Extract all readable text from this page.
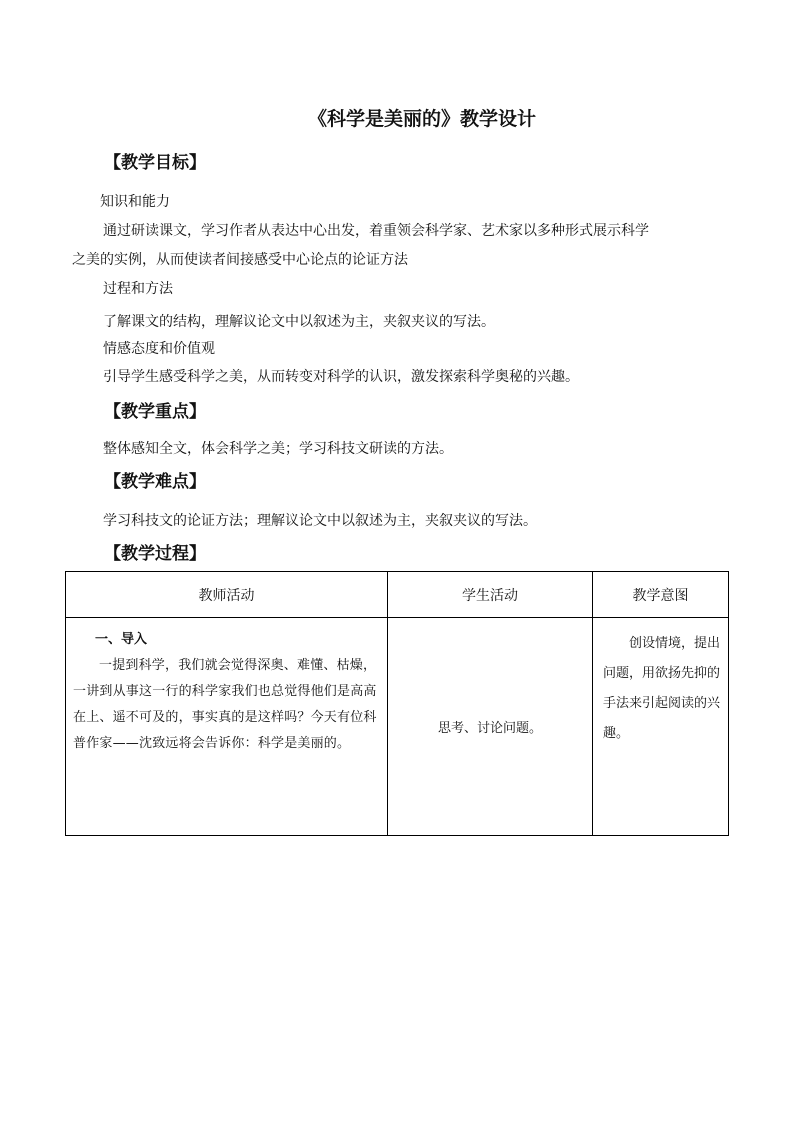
《科学是美丽的》教学设计
【教学目标】
知识和能力
通过研读课文，学习作者从表达中心出发，着重领会科学家、艺术家以多种形式展示科学
之美的实例，从而使读者间接感受中心论点的论证方法
过程和方法
了解课文的结构，理解议论文中以叙述为主，夹叙夹议的写法。
情感态度和价值观
引导学生感受科学之美，从而转变对科学的认识，激发探索科学奥秘的兴趣。
【教学重点】
整体感知全文，体会科学之美；学习科技文研读的方法。
【教学难点】
学习科技文的论证方法；理解议论文中以叙述为主，夹叙夹议的写法。
【教学过程】
教师活动	学生活动	教学意图

一、导入
一提到科学，我们就会觉得深奥、难懂、枯燥，一讲到从事这一行的科学家我们也总觉得他们是高高在上、遥不可及的，事实真的是这样吗？今天有位科普作家——沈致远将会告诉你：科学是美丽的。	思考、讨论问题。	创设情境，提出问题，用欲扬先抑的手法来引起阅读的兴趣。
